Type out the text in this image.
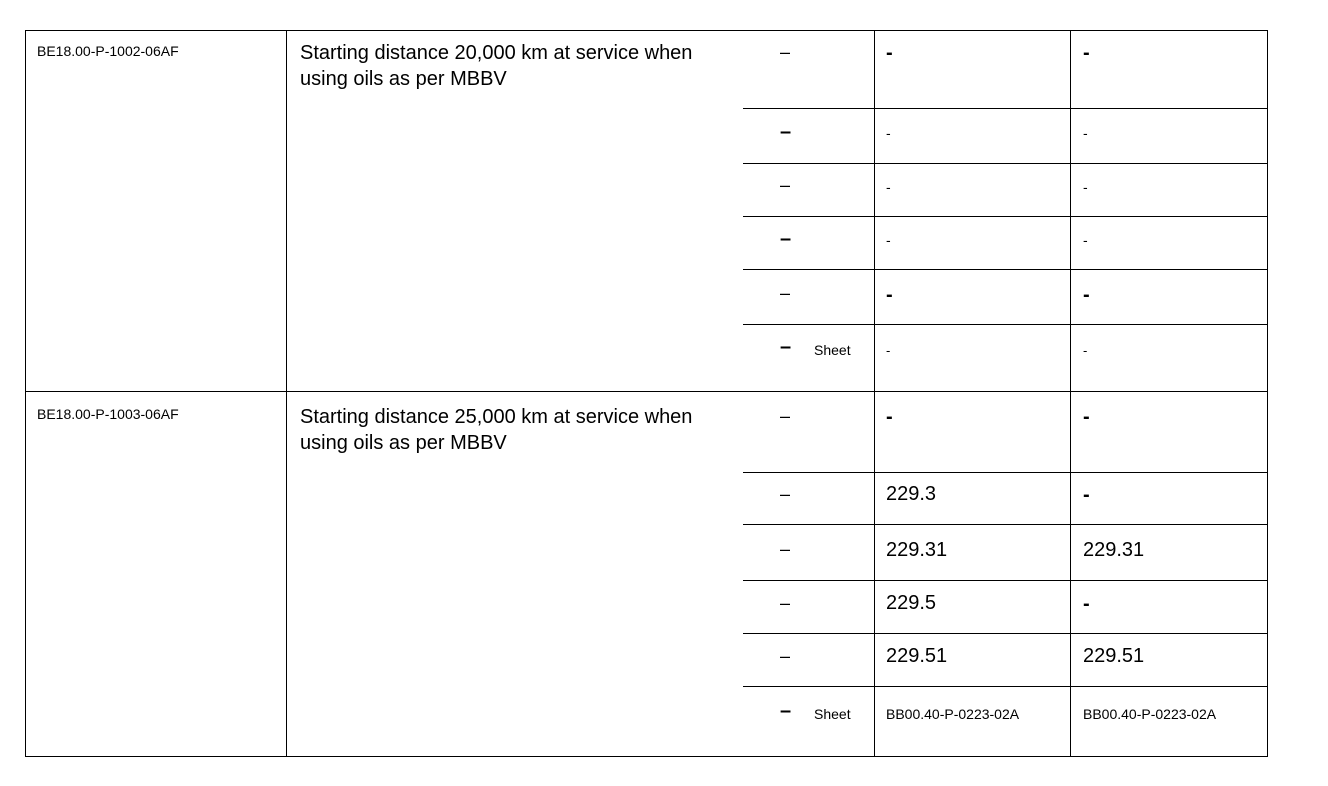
BE18.00-P-1002-06AF	Starting distance 20,000 km at service when using oils as per MBBV
–	-	-
–	-	-
–	-	-
–	-	-
–	-	-
– Sheet	-	-
BE18.00-P-1003-06AF	Starting distance 25,000 km at service when using oils as per MBBV
–	-	-
–	229.3	-
–	229.31	229.31
–	229.5	-
–	229.51	229.51
– Sheet	BB00.40-P-0223-02A	BB00.40-P-0223-02A
